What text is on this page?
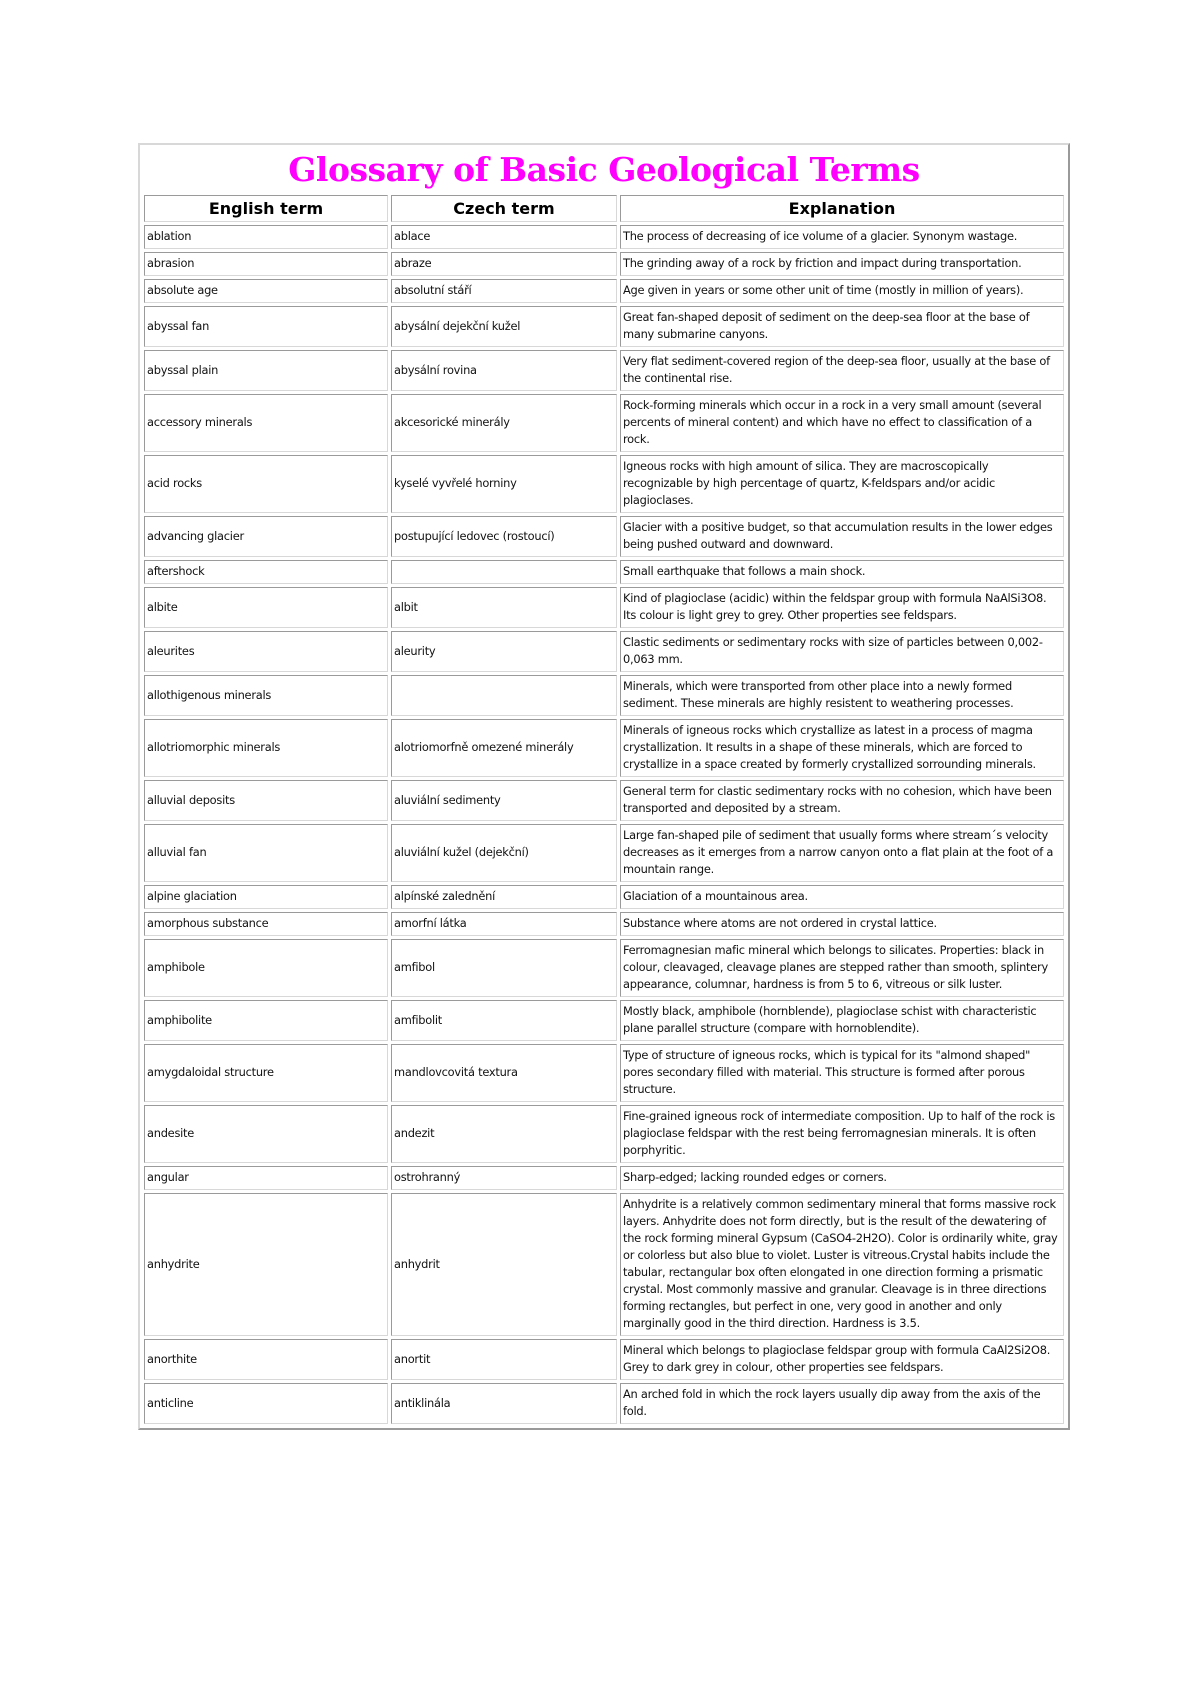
Glossary of Basic Geological Terms
English term	Czech term	Explanation
ablation	ablace	The process of decreasing of ice volume of a glacier. Synonym wastage.
abrasion	abraze	The grinding away of a rock by friction and impact during transportation.
absolute age	absolutní stáří	Age given in years or some other unit of time (mostly in million of years).
abyssal fan	abysální dejekční kužel	Great fan-shaped deposit of sediment on the deep-sea floor at the base of many submarine canyons.
abyssal plain	abysální rovina	Very flat sediment-covered region of the deep-sea floor, usually at the base of the continental rise.
accessory minerals	akcesorické minerály	Rock-forming minerals which occur in a rock in a very small amount (several percents of mineral content) and which have no effect to classification of a rock.
acid rocks	kyselé vyvřelé horniny	Igneous rocks with high amount of silica. They are macroscopically recognizable by high percentage of quartz, K-feldspars and/or acidic plagioclases.
advancing glacier	postupující ledovec (rostoucí)	Glacier with a positive budget, so that accumulation results in the lower edges being pushed outward and downward.
aftershock		Small earthquake that follows a main shock.
albite	albit	Kind of plagioclase (acidic) within the feldspar group with formula NaAlSi3O8. Its colour is light grey to grey. Other properties see feldspars.
aleurites	aleurity	Clastic sediments or sedimentary rocks with size of particles between 0,002-0,063 mm.
allothigenous minerals		Minerals, which were transported from other place into a newly formed sediment. These minerals are highly resistent to weathering processes.
allotriomorphic minerals	alotriomorfně omezené minerály	Minerals of igneous rocks which crystallize as latest in a process of magma crystallization. It results in a shape of these minerals, which are forced to crystallize in a space created by formerly crystallized sorrounding minerals.
alluvial deposits	aluviální sedimenty	General term for clastic sedimentary rocks with no cohesion, which have been transported and deposited by a stream.
alluvial fan	aluviální kužel (dejekční)	Large fan-shaped pile of sediment that usually forms where stream´s velocity decreases as it emerges from a narrow canyon onto a flat plain at the foot of a mountain range.
alpine glaciation	alpínské zalednění	Glaciation of a mountainous area.
amorphous substance	amorfní látka	Substance where atoms are not ordered in crystal lattice.
amphibole	amfibol	Ferromagnesian mafic mineral which belongs to silicates. Properties: black in colour, cleavaged, cleavage planes are stepped rather than smooth, splintery appearance, columnar, hardness is from 5 to 6, vitreous or silk luster.
amphibolite	amfibolit	Mostly black, amphibole (hornblende), plagioclase schist with characteristic plane parallel structure (compare with hornoblendite).
amygdaloidal structure	mandlovcovitá textura	Type of structure of igneous rocks, which is typical for its "almond shaped" pores secondary filled with material. This structure is formed after porous structure.
andesite	andezit	Fine-grained igneous rock of intermediate composition. Up to half of the rock is plagioclase feldspar with the rest being ferromagnesian minerals. It is often porphyritic.
angular	ostrohranný	Sharp-edged; lacking rounded edges or corners.
anhydrite	anhydrit	Anhydrite is a relatively common sedimentary mineral that forms massive rock layers. Anhydrite does not form directly, but is the result of the dewatering of the rock forming mineral Gypsum (CaSO4-2H2O). Color is ordinarily white, gray or colorless but also blue to violet. Luster is vitreous.Crystal habits include the tabular, rectangular box often elongated in one direction forming a prismatic crystal. Most commonly massive and granular. Cleavage is in three directions forming rectangles, but perfect in one, very good in another and only marginally good in the third direction. Hardness is 3.5.
anorthite	anortit	Mineral which belongs to plagioclase feldspar group with formula CaAl2Si2O8. Grey to dark grey in colour, other properties see feldspars.
anticline	antiklinála	An arched fold in which the rock layers usually dip away from the axis of the fold.
